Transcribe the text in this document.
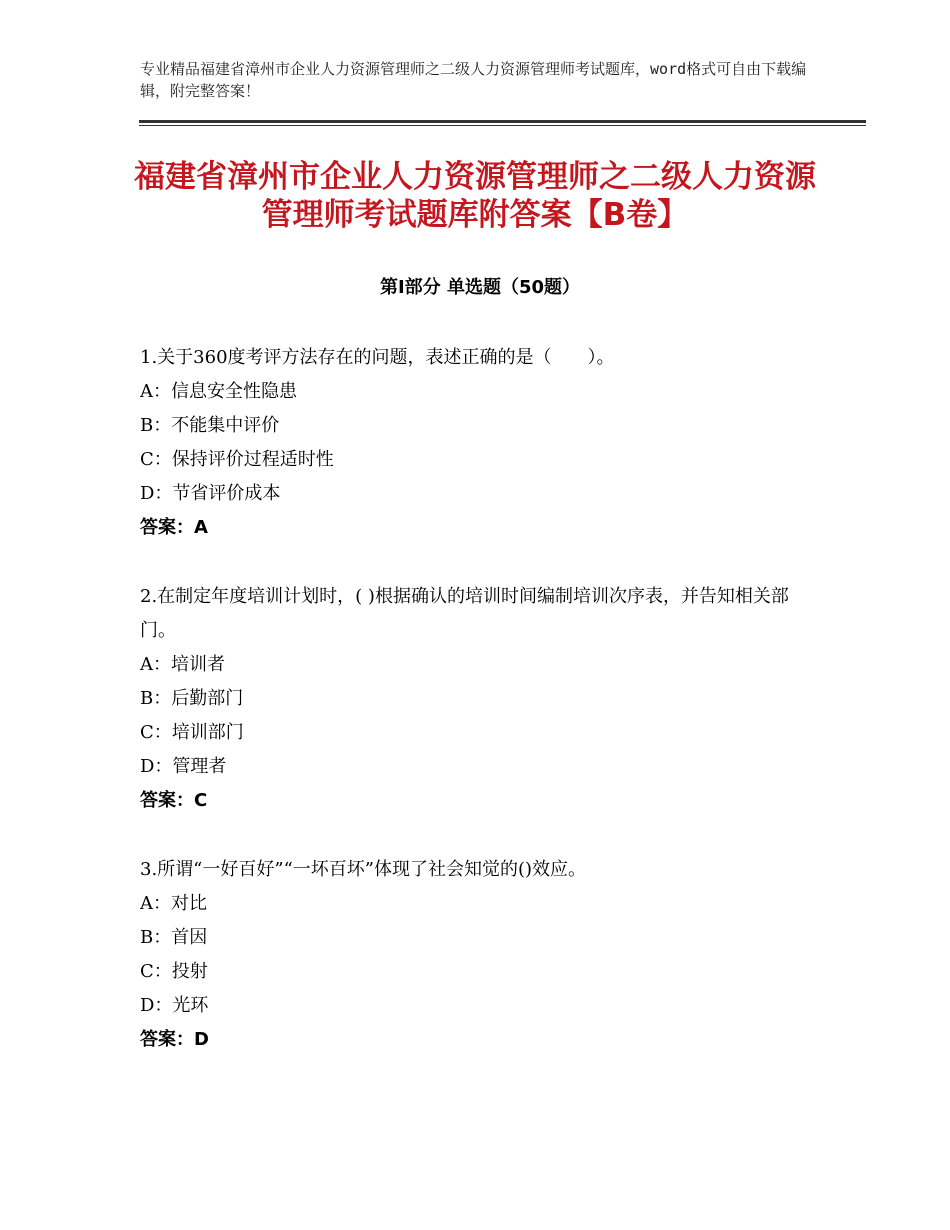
专业精品福建省漳州市企业人力资源管理师之二级人力资源管理师考试题库，word格式可自由下载编辑，附完整答案！
福建省漳州市企业人力资源管理师之二级人力资源管理师考试题库附答案【B卷】
第Ⅰ部分 单选题（50题）
1.关于360度考评方法存在的问题，表述正确的是（　　）。
A：信息安全性隐患
B：不能集中评价
C：保持评价过程适时性
D：节省评价成本
答案：A
2.在制定年度培训计划时，( )根据确认的培训时间编制培训次序表，并告知相关部门。
A：培训者
B：后勤部门
C：培训部门
D：管理者
答案：C
3.所谓“一好百好”“一坏百坏”体现了社会知觉的()效应。
A：对比
B：首因
C：投射
D：光环
答案：D
